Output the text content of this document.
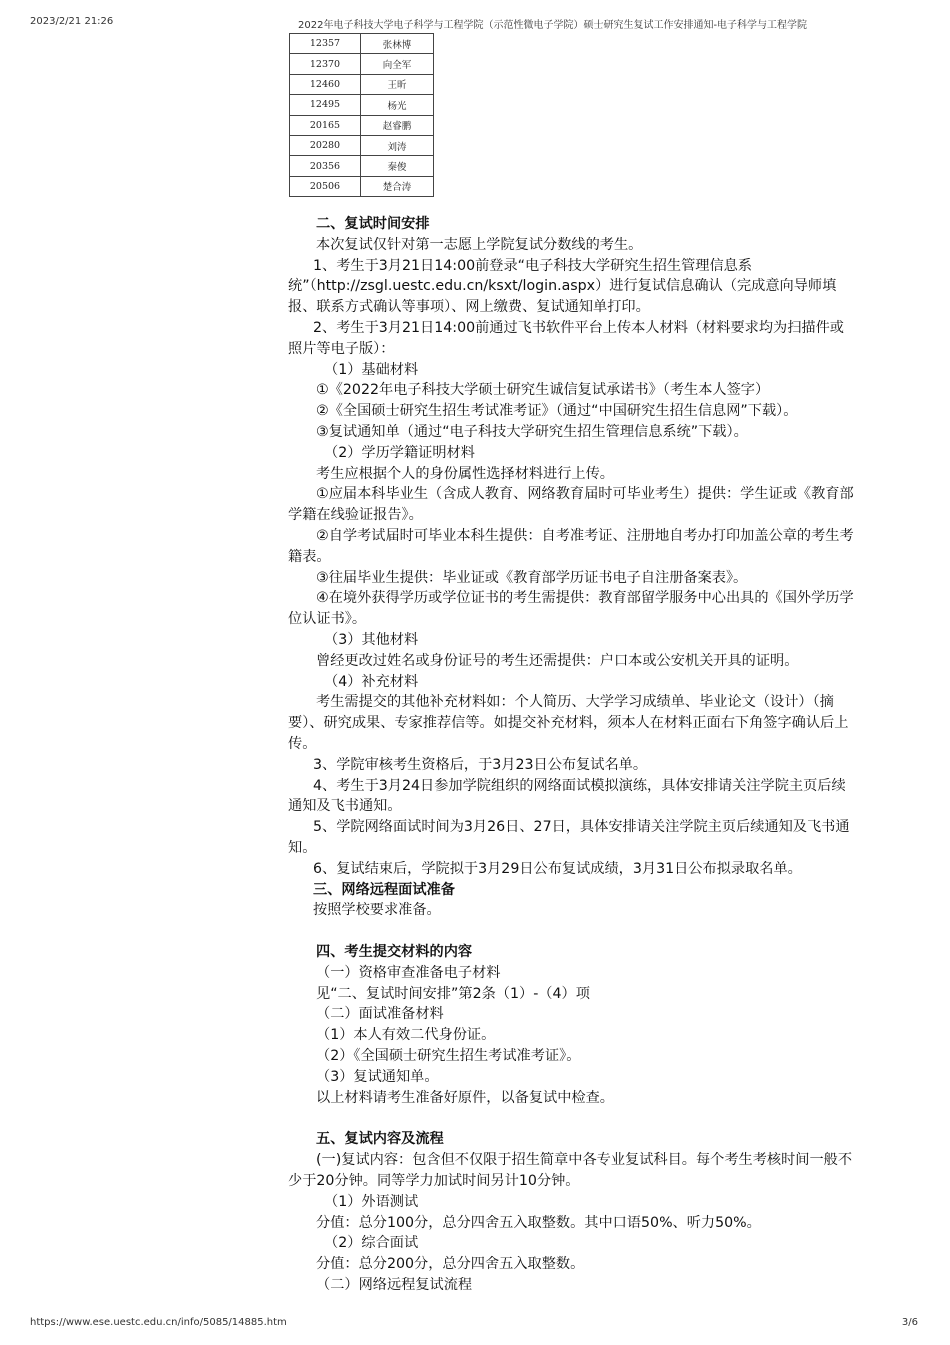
2023/2/21 21:26	2022年电子科技大学电子科学与工程学院（示范性微电子学院）硕士研究生复试工作安排通知-电子科学与工程学院
12357	张林博
12370	向全军
12460	王昕
12495	杨光
20165	赵睿鹏
20280	刘涛
20356	秦俊
20506	楚合涛

二、复试时间安排

本次复试仅针对第一志愿上学院复试分数线的考生。

1、考生于3月21日14:00前登录“电子科技大学研究生招生管理信息系统”（http://zsgl.uestc.edu.cn/ksxt/login.aspx）进行复试信息确认（完成意向导师填报、联系方式确认等事项）、网上缴费、复试通知单打印。

2、考生于3月21日14:00前通过飞书软件平台上传本人材料（材料要求均为扫描件或照片等电子版）：

（1）基础材料

①《2022年电子科技大学硕士研究生诚信复试承诺书》（考生本人签字）

②《全国硕士研究生招生考试准考证》（通过“中国研究生招生信息网”下载）。

③复试通知单（通过“电子科技大学研究生招生管理信息系统”下载）。

（2）学历学籍证明材料

考生应根据个人的身份属性选择材料进行上传。

①应届本科毕业生（含成人教育、网络教育届时可毕业考生）提供：学生证或《教育部学籍在线验证报告》。

②自学考试届时可毕业本科生提供：自考准考证、注册地自考办打印加盖公章的考生考籍表。

③往届毕业生提供：毕业证或《教育部学历证书电子自注册备案表》。

④在境外获得学历或学位证书的考生需提供：教育部留学服务中心出具的《国外学历学位认证书》。

（3）其他材料

曾经更改过姓名或身份证号的考生还需提供：户口本或公安机关开具的证明。

（4）补充材料

考生需提交的其他补充材料如：个人简历、大学学习成绩单、毕业论文（设计）（摘要）、研究成果、专家推荐信等。如提交补充材料，须本人在材料正面右下角签字确认后上传。

3、学院审核考生资格后，于3月23日公布复试名单。

4、考生于3月24日参加学院组织的网络面试模拟演练，具体安排请关注学院主页后续通知及飞书通知。

5、学院网络面试时间为3月26日、27日，具体安排请关注学院主页后续通知及飞书通知。

6、复试结束后，学院拟于3月29日公布复试成绩，3月31日公布拟录取名单。

三、网络远程面试准备

按照学校要求准备。

四、考生提交材料的内容

（一）资格审查准备电子材料

见“二、复试时间安排”第2条（1）-（4）项

（二）面试准备材料

（1）本人有效二代身份证。

（2）《全国硕士研究生招生考试准考证》。

（3）复试通知单。

以上材料请考生准备好原件，以备复试中检查。

五、复试内容及流程

(一)复试内容：包含但不仅限于招生简章中各专业复试科目。每个考生考核时间一般不少于20分钟。同等学力加试时间另计10分钟。

（1）外语测试

分值：总分100分，总分四舍五入取整数。其中口语50%、听力50%。

（2）综合面试

分值：总分200分，总分四舍五入取整数。

（二）网络远程复试流程

https://www.ese.uestc.edu.cn/info/5085/14885.htm	3/6
